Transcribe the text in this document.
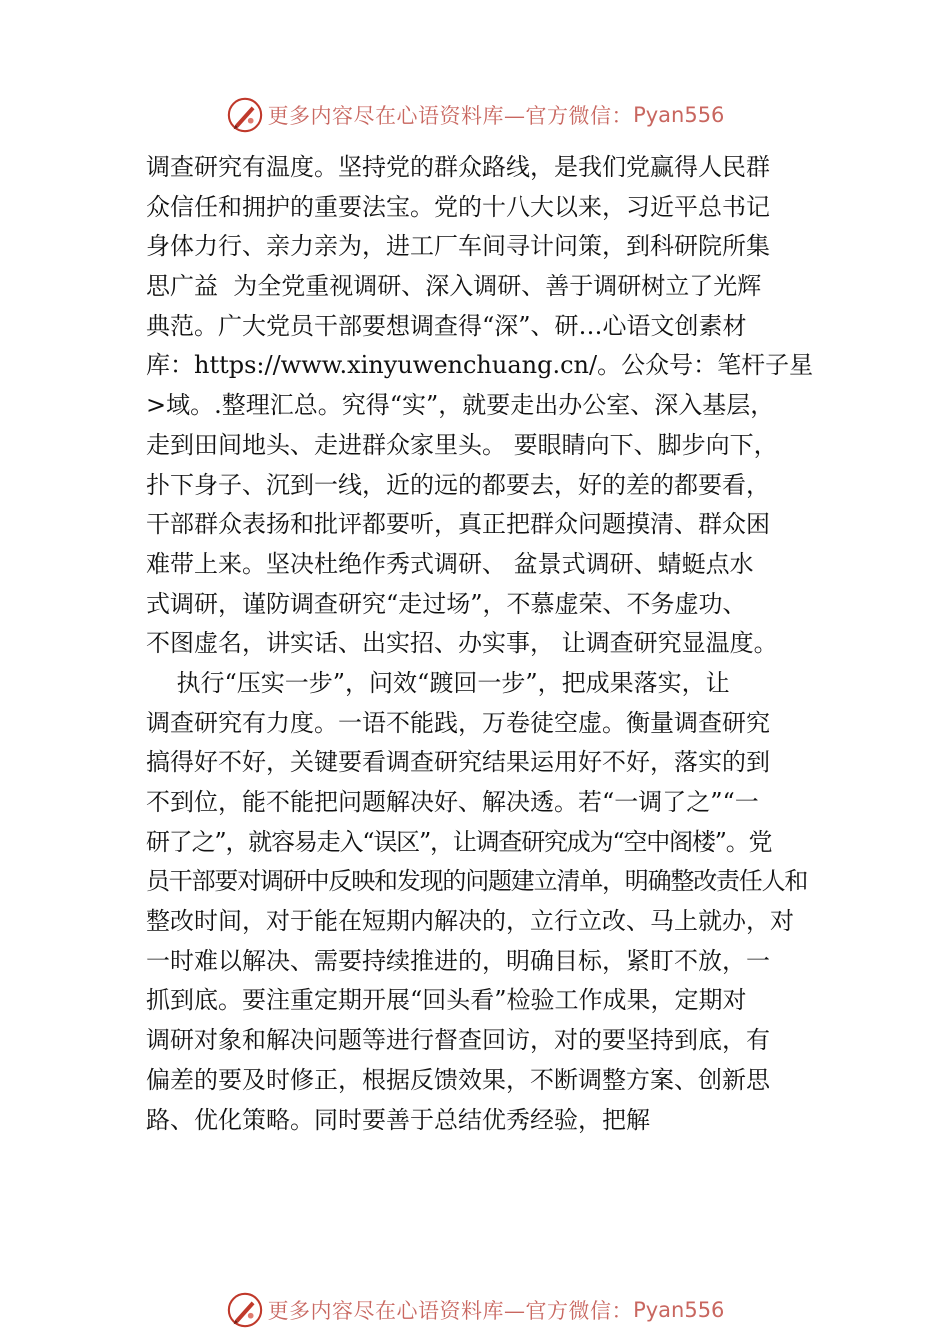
更多内容尽在心语资料库—官方微信： Pyan556
调查研究有温度。坚持党的群众路线，是我们党赢得人民群
众信任和拥护的重要法宝。党的十八大以来，习近平总书记
身体力行、亲力亲为，进工厂车间寻计问策，到科研院所集
思广益  为全党重视调研、深入调研、善于调研树立了光辉
典范。广大党员干部要想调查得“深”、研…心语文创素材
库：https://www.xinyuwenchuang.cn/。公众号：笔杆子星
>域。.整理汇总。究得“实”，就要走出办公室、深入基层，
走到田间地头、走进群众家里头。 要眼睛向下、脚步向下，
扑下身子、沉到一线，近的远的都要去，好的差的都要看，
干部群众表扬和批评都要听，真正把群众问题摸清、群众困
难带上来。坚决杜绝作秀式调研、 盆景式调研、蜻蜓点水
式调研，谨防调查研究“走过场”，不慕虚荣、不务虚功、
不图虚名，讲实话、出实招、办实事， 让调查研究显温度。
执行“压实一步”，问效“踱回一步”，把成果落实，让
调查研究有力度。一语不能践，万卷徒空虚。衡量调查研究
搞得好不好，关键要看调查研究结果运用好不好，落实的到
不到位，能不能把问题解决好、解决透。若“一调了之”“一
研了之”，就容易走入“误区”，让调查研究成为“空中阁楼”。党
员干部要对调研中反映和发现的问题建立清单，明确整改责任人和
整改时间，对于能在短期内解决的，立行立改、马上就办，对
一时难以解决、需要持续推进的，明确目标，紧盯不放，一
抓到底。要注重定期开展“回头看”检验工作成果，定期对
调研对象和解决问题等进行督查回访，对的要坚持到底，有
偏差的要及时修正，根据反馈效果，不断调整方案、创新思
路、优化策略。同时要善于总结优秀经验，把解
更多内容尽在心语资料库—官方微信： Pyan556
